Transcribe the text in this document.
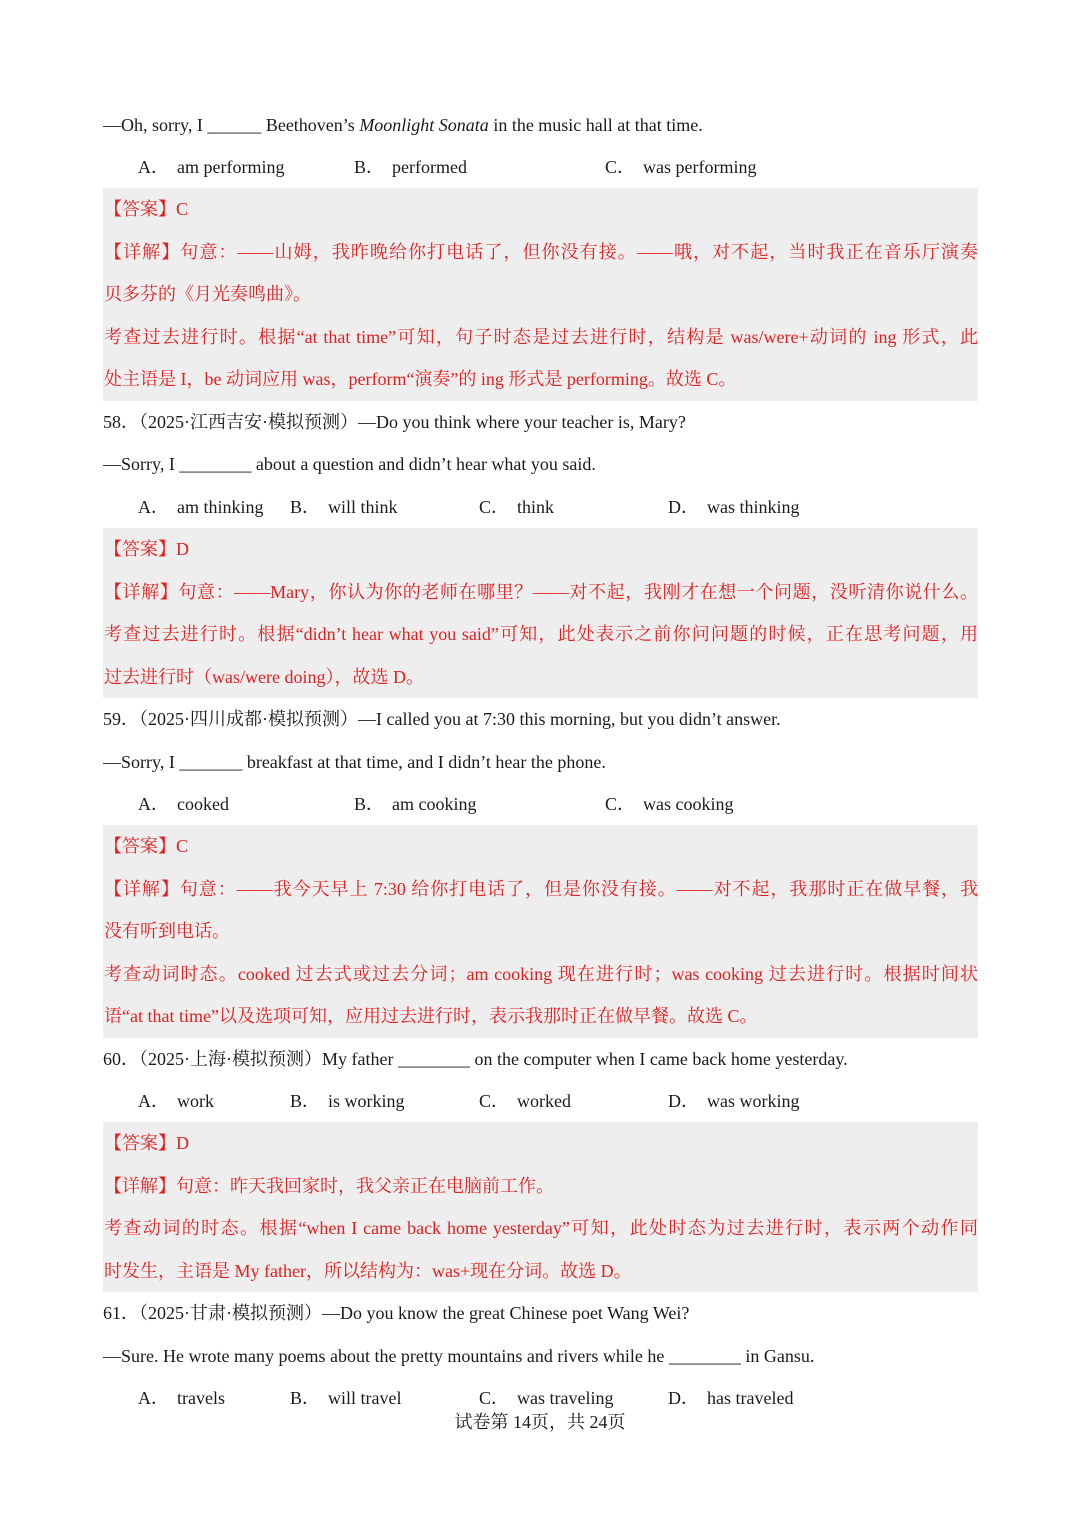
—Oh, sorry, I ______ Beethoven’s Moonlight Sonata in the music hall at that time.
A． am performing	B． performed	C． was performing
【答案】C
【详解】句意：——山姆，我昨晚给你打电话了，但你没有接。——哦，对不起，当时我正在音乐厅演奏
贝多芬的《月光奏鸣曲》。
考查过去进行时。根据“at that time”可知，句子时态是过去进行时，结构是 was/were+动词的 ing 形式，此
处主语是 I，be 动词应用 was，perform“演奏”的 ing 形式是 performing。故选 C。
58．（2025·江西吉安·模拟预测）—Do you think where your teacher is, Mary?
—Sorry, I ________ about a question and didn’t hear what you said.
A． am thinking B． will think	C． think	D． was thinking
【答案】D
【详解】句意：——Mary，你认为你的老师在哪里？——对不起，我刚才在想一个问题，没听清你说什么。
考查过去进行时。根据“didn’t hear what you said”可知，此处表示之前你问问题的时候，正在思考问题，用
过去进行时（was/were doing），故选 D。
59．（2025·四川成都·模拟预测）—I called you at 7:30 this morning, but you didn’t answer.
—Sorry, I _______ breakfast at that time, and I didn’t hear the phone.
A． cooked	B． am cooking	C． was cooking
【答案】C
【详解】句意：——我今天早上 7:30 给你打电话了，但是你没有接。——对不起，我那时正在做早餐，我
没有听到电话。
考查动词时态。cooked 过去式或过去分词；am cooking 现在进行时；was cooking 过去进行时。根据时间状
语“at that time”以及选项可知，应用过去进行时，表示我那时正在做早餐。故选 C。
60．（2025·上海·模拟预测）My father ________ on the computer when I came back home yesterday.
A． work	B． is working	C． worked	D． was working
【答案】D
【详解】句意：昨天我回家时，我父亲正在电脑前工作。
考查动词的时态。根据“when I came back home yesterday”可知，此处时态为过去进行时，表示两个动作同
时发生，主语是 My father，所以结构为：was+现在分词。故选 D。
61．（2025·甘肃·模拟预测）—Do you know the great Chinese poet Wang Wei?
—Sure. He wrote many poems about the pretty mountains and rivers while he ________ in Gansu.
A． travels	B． will travel	C． was traveling	D． has traveled
试卷第 14页，共 24页
